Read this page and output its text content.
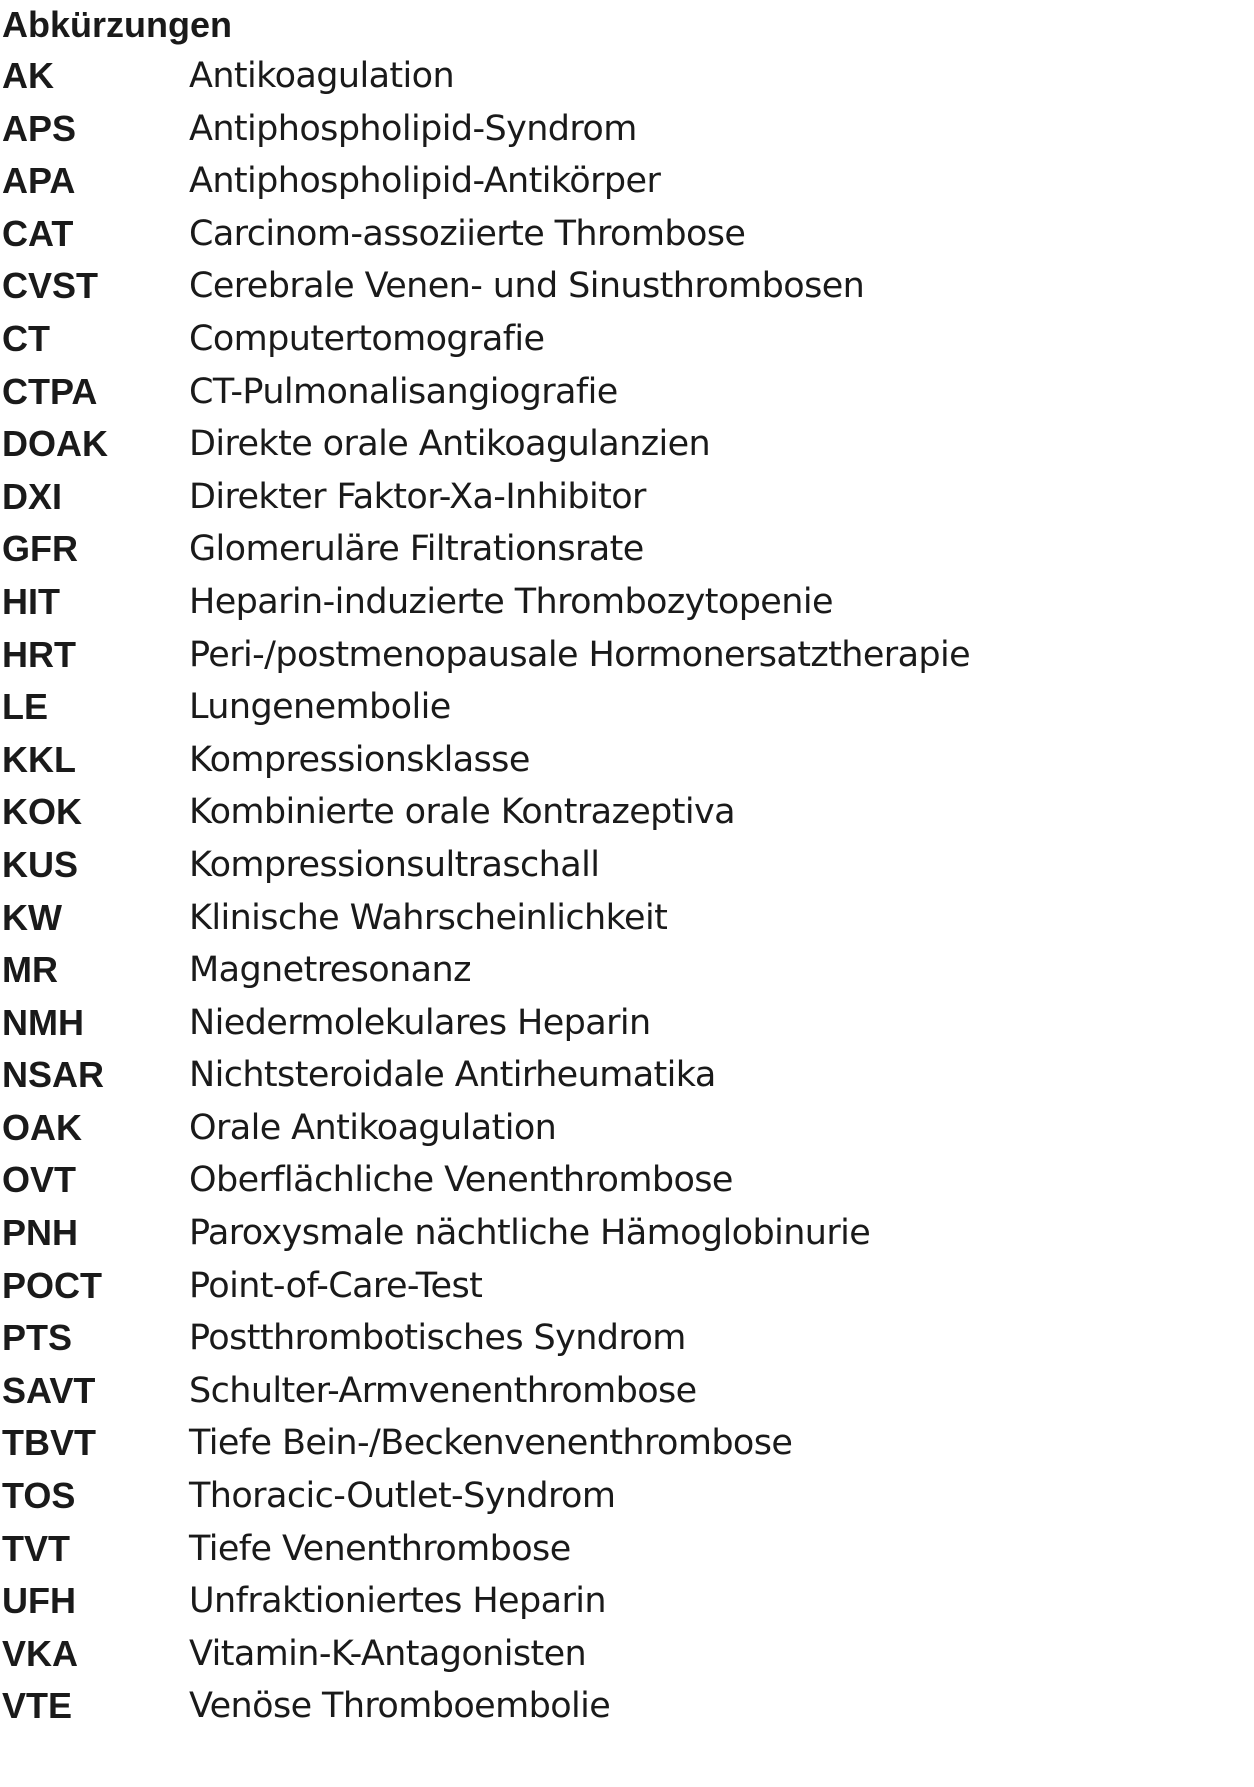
Abkürzungen
AK	Antikoagulation
APS	Antiphospholipid-Syndrom
APA	Antiphospholipid-Antikörper
CAT	Carcinom-assoziierte Thrombose
CVST	Cerebrale Venen- und Sinusthrombosen
CT	Computertomografie
CTPA	CT-Pulmonalisangiografie
DOAK	Direkte orale Antikoagulanzien
DXI	Direkter Faktor-Xa-Inhibitor
GFR	Glomeruläre Filtrationsrate
HIT	Heparin-induzierte Thrombozytopenie
HRT	Peri-/postmenopausale Hormonersatztherapie
LE	Lungenembolie
KKL	Kompressionsklasse
KOK	Kombinierte orale Kontrazeptiva
KUS	Kompressionsultraschall
KW	Klinische Wahrscheinlichkeit
MR	Magnetresonanz
NMH	Niedermolekulares Heparin
NSAR	Nichtsteroidale Antirheumatika
OAK	Orale Antikoagulation
OVT	Oberflächliche Venenthrombose
PNH	Paroxysmale nächtliche Hämoglobinurie
POCT	Point-of-Care-Test
PTS	Postthrombotisches Syndrom
SAVT	Schulter-Armvenenthrombose
TBVT	Tiefe Bein-/Beckenvenenthrombose
TOS	Thoracic-Outlet-Syndrom
TVT	Tiefe Venenthrombose
UFH	Unfraktioniertes Heparin
VKA	Vitamin-K-Antagonisten
VTE	Venöse Thromboembolie
